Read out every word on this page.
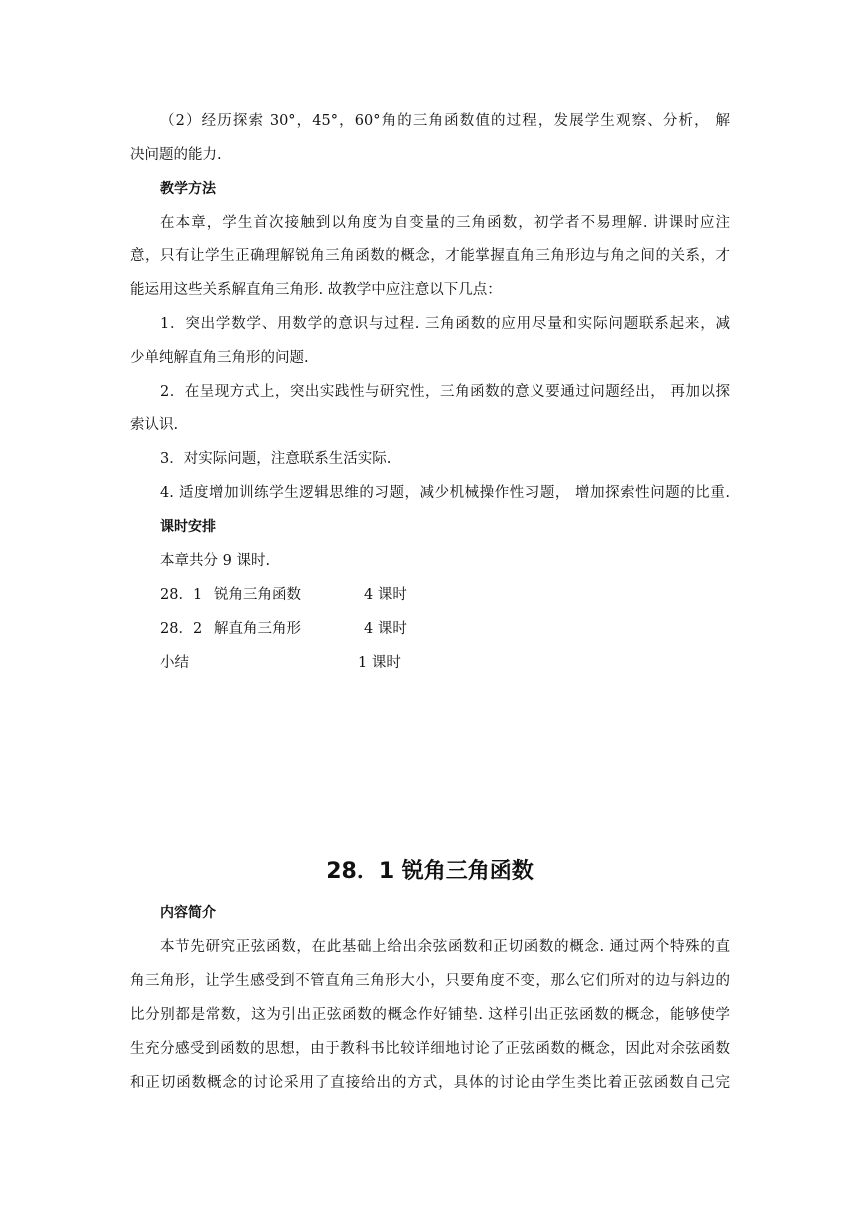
（2）经历探索 30°，45°，60°角的三角函数值的过程，发展学生观察、分析， 解
决问题的能力.
教学方法
在本章，学生首次接触到以角度为自变量的三角函数，初学者不易理解. 讲课时应注
意，只有让学生正确理解锐角三角函数的概念，才能掌握直角三角形边与角之间的关系，才
能运用这些关系解直角三角形. 故教学中应注意以下几点：
1．突出学数学、用数学的意识与过程. 三角函数的应用尽量和实际问题联系起来，减
少单纯解直角三角形的问题.
2．在呈现方式上，突出实践性与研究性，三角函数的意义要通过问题经出， 再加以探
索认识.
3．对实际问题，注意联系生活实际.
4. 适度增加训练学生逻辑思维的习题，减少机械操作性习题， 增加探索性问题的比重.
课时安排
本章共分 9 课时.
28．1 锐角三角函数	4 课时
28．2 解直角三角形	4 课时
小结	1 课时
28．1 锐角三角函数
内容简介
本节先研究正弦函数，在此基础上给出余弦函数和正切函数的概念. 通过两个特殊的直
角三角形，让学生感受到不管直角三角形大小，只要角度不变，那么它们所对的边与斜边的
比分别都是常数，这为引出正弦函数的概念作好铺垫. 这样引出正弦函数的概念，能够使学
生充分感受到函数的思想，由于教科书比较详细地讨论了正弦函数的概念，因此对余弦函数
和正切函数概念的讨论采用了直接给出的方式，具体的讨论由学生类比着正弦函数自己完
